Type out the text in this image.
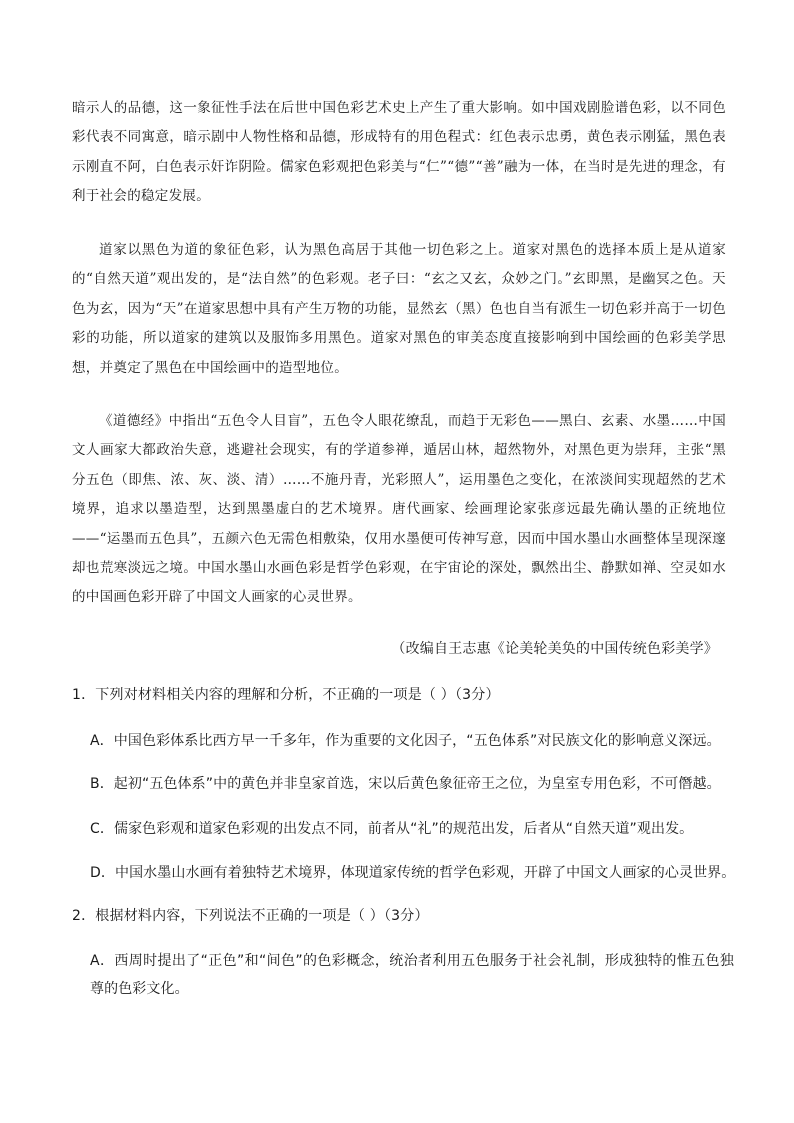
暗示人的品德，这一象征性手法在后世中国色彩艺术史上产生了重大影响。如中国戏剧脸谱色彩，以不同色彩代表不同寓意，暗示剧中人物性格和品德，形成特有的用色程式：红色表示忠勇，黄色表示刚猛，黑色表示刚直不阿，白色表示奸诈阴险。儒家色彩观把色彩美与“仁”“德”“善”融为一体，在当时是先进的理念，有利于社会的稳定发展。

道家以黑色为道的象征色彩，认为黑色高居于其他一切色彩之上。道家对黑色的选择本质上是从道家的“自然天道”观出发的，是“法自然”的色彩观。老子曰：“玄之又玄，众妙之门。”玄即黑，是幽冥之色。天色为玄，因为“天”在道家思想中具有产生万物的功能，显然玄（黑）色也自当有派生一切色彩并高于一切色彩的功能，所以道家的建筑以及服饰多用黑色。道家对黑色的审美态度直接影响到中国绘画的色彩美学思想，并奠定了黑色在中国绘画中的造型地位。

《道德经》中指出“五色令人目盲”，五色令人眼花缭乱，而趋于无彩色——黑白、玄素、水墨……中国文人画家大都政治失意，逃避社会现实，有的学道参禅，遁居山林，超然物外，对黑色更为崇拜，主张“黑分五色（即焦、浓、灰、淡、清）……不施丹青，光彩照人”，运用墨色之变化，在浓淡间实现超然的艺术境界，追求以墨造型，达到黑墨虚白的艺术境界。唐代画家、绘画理论家张彦远最先确认墨的正统地位——“运墨而五色具”，五颜六色无需色相敷染，仅用水墨便可传神写意，因而中国水墨山水画整体呈现深邃却也荒寒淡远之境。中国水墨山水画色彩是哲学色彩观，在宇宙论的深处，飘然出尘、静默如禅、空灵如水的中国画色彩开辟了中国文人画家的心灵世界。

（改编自王志惠《论美轮美奂的中国传统色彩美学》

1．下列对材料相关内容的理解和分析，不正确的一项是（ ）（3分）

A．中国色彩体系比西方早一千多年，作为重要的文化因子，“五色体系”对民族文化的影响意义深远。

B．起初“五色体系”中的黄色并非皇家首选，宋以后黄色象征帝王之位，为皇室专用色彩，不可僭越。

C．儒家色彩观和道家色彩观的出发点不同，前者从“礼”的规范出发，后者从“自然天道”观出发。

D．中国水墨山水画有着独特艺术境界，体现道家传统的哲学色彩观，开辟了中国文人画家的心灵世界。

2．根据材料内容，下列说法不正确的一项是（ ）（3分）

A．西周时提出了“正色”和“间色”的色彩概念，统治者利用五色服务于社会礼制，形成独特的惟五色独尊的色彩文化。
